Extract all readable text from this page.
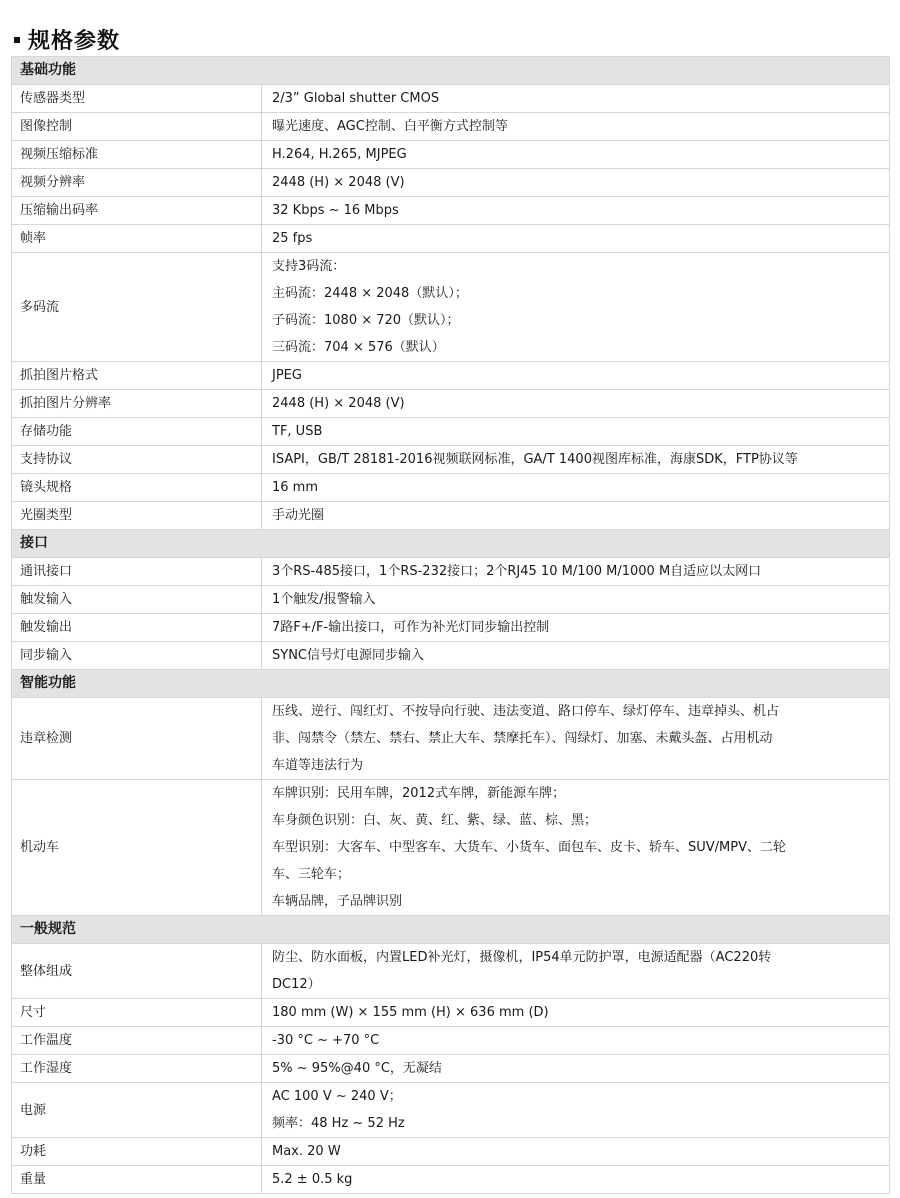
规格参数
基础功能	
传感器类型	2/3” Global shutter CMOS

图像控制	曝光速度、AGC控制、白平衡方式控制等

视频压缩标准	H.264, H.265, MJPEG

视频分辨率	2448 (H) × 2048 (V)

压缩输出码率	32 Kbps ~ 16 Mbps

帧率	25 fps

多码流	支持3码流：
主码流：2448 × 2048（默认）；
子码流：1080 × 720（默认）；
三码流：704 × 576（默认）

抓拍图片格式	JPEG

抓拍图片分辨率	2448 (H) × 2048 (V)

存储功能	TF, USB

支持协议	ISAPI，GB/T 28181-2016视频联网标准，GA/T 1400视图库标准，海康SDK，FTP协议等

镜头规格	16 mm

光圈类型	手动光圈

接口	
通讯接口	3个RS-485接口，1个RS-232接口；2个RJ45 10 M/100 M/1000 M自适应以太网口

触发输入	1个触发/报警输入

触发输出	7路F+/F-输出接口，可作为补光灯同步输出控制

同步输入	SYNC信号灯电源同步输入

智能功能	
违章检测	压线、逆行、闯红灯、不按导向行驶、违法变道、路口停车、绿灯停车、违章掉头、机占
非、闯禁令（禁左、禁右、禁止大车、禁摩托车）、闯绿灯、加塞、未戴头盔、占用机动
车道等违法行为

机动车	车牌识别：民用车牌，2012式车牌，新能源车牌；
车身颜色识别：白、灰、黄、红、紫、绿、蓝、棕、黑；
车型识别：大客车、中型客车、大货车、小货车、面包车、皮卡、轿车、SUV/MPV、二轮
车、三轮车；
车辆品牌，子品牌识别

一般规范	
整体组成	防尘、防水面板，内置LED补光灯，摄像机，IP54单元防护罩，电源适配器（AC220转
DC12）

尺寸	180 mm (W) × 155 mm (H) × 636 mm (D)

工作温度	-30 °C ~ +70 °C

工作湿度	5% ~ 95%@40 °C，无凝结

电源	AC 100 V ~ 240 V；
频率：48 Hz ~ 52 Hz

功耗	Max. 20 W

重量	5.2 ± 0.5 kg
